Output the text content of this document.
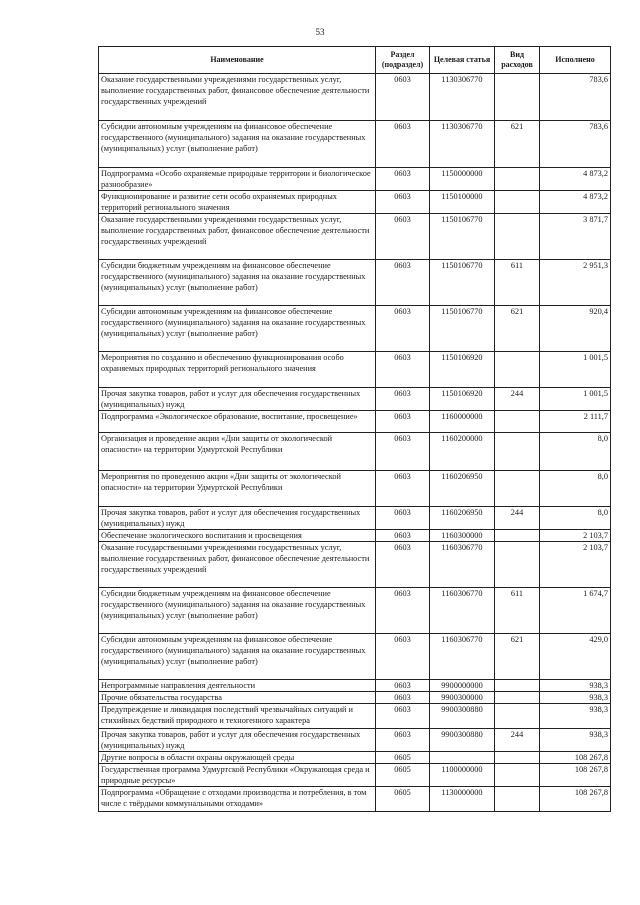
53
Наименование	Раздел (подраздел)	Целевая статья	Вид расходов	Исполнено
Оказание государственными учреждениями государственных услуг, выполнение государственных работ, финансовое обеспечение деятельности государственных учреждений	0603	1130306770		783,6
Субсидии автономным учреждениям на финансовое обеспечение государственного (муниципального) задания на оказание государственных (муниципальных) услуг (выполнение работ)	0603	1130306770	621	783,6
Подпрограмма «Особо охраняемые природные территории и биологическое разнообразие»	0603	1150000000		4 873,2
Функционирование и развитие сети особо охраняемых природных территорий регионального значения	0603	1150100000		4 873,2
Оказание государственными учреждениями государственных услуг, выполнение государственных работ, финансовое обеспечение деятельности государственных учреждений	0603	1150106770		3 871,7
Субсидии бюджетным учреждениям на финансовое обеспечение государственного (муниципального) задания на оказание государственных (муниципальных) услуг (выполнение работ)	0603	1150106770	611	2 951,3
Субсидии автономным учреждениям на финансовое обеспечение государственного (муниципального) задания на оказание государственных (муниципальных) услуг (выполнение работ)	0603	1150106770	621	920,4
Мероприятия по созданию и обеспечению функционирования особо охраняемых природных территорий регионального значения	0603	1150106920		1 001,5
Прочая закупка товаров, работ и услуг для обеспечения государственных (муниципальных) нужд	0603	1150106920	244	1 001,5
Подпрограмма «Экологическое образование, воспитание, просвещение»	0603	1160000000		2 111,7
Организация и проведение акции «Дни защиты от экологической опасности» на территории Удмуртской Республики	0603	1160200000		8,0
Мероприятия по проведению акции «Дни защиты от экологической опасности» на территории Удмуртской Республики	0603	1160206950		8,0
Прочая закупка товаров, работ и услуг для обеспечения государственных (муниципальных) нужд	0603	1160206950	244	8,0
Обеспечение экологического воспитания и просвещения	0603	1160300000		2 103,7
Оказание государственными учреждениями государственных услуг, выполнение государственных работ, финансовое обеспечение деятельности государственных учреждений	0603	1160306770		2 103,7
Субсидии бюджетным учреждениям на финансовое обеспечение государственного (муниципального) задания на оказание государственных (муниципальных) услуг (выполнение работ)	0603	1160306770	611	1 674,7
Субсидии автономным учреждениям на финансовое обеспечение государственного (муниципального) задания на оказание государственных (муниципальных) услуг (выполнение работ)	0603	1160306770	621	429,0
Непрограммные направления деятельности	0603	9900000000		938,3
Прочие обязательства государства	0603	9900300000		938,3
Предупреждение и ликвидация последствий чрезвычайных ситуаций и стихийных бедствий природного и техногенного характера	0603	9900300880		938,3
Прочая закупка товаров, работ и услуг для обеспечения государственных (муниципальных) нужд	0603	9900300880	244	938,3
Другие вопросы в области охраны окружающей среды	0605			108 267,8
Государственная программа Удмуртской Республики «Окружающая среда и природные ресурсы»	0605	1100000000		108 267,8
Подпрограмма «Обращение с отходами производства и потребления, в том числе с твёрдыми коммунальными отходами»	0605	1130000000		108 267,8
